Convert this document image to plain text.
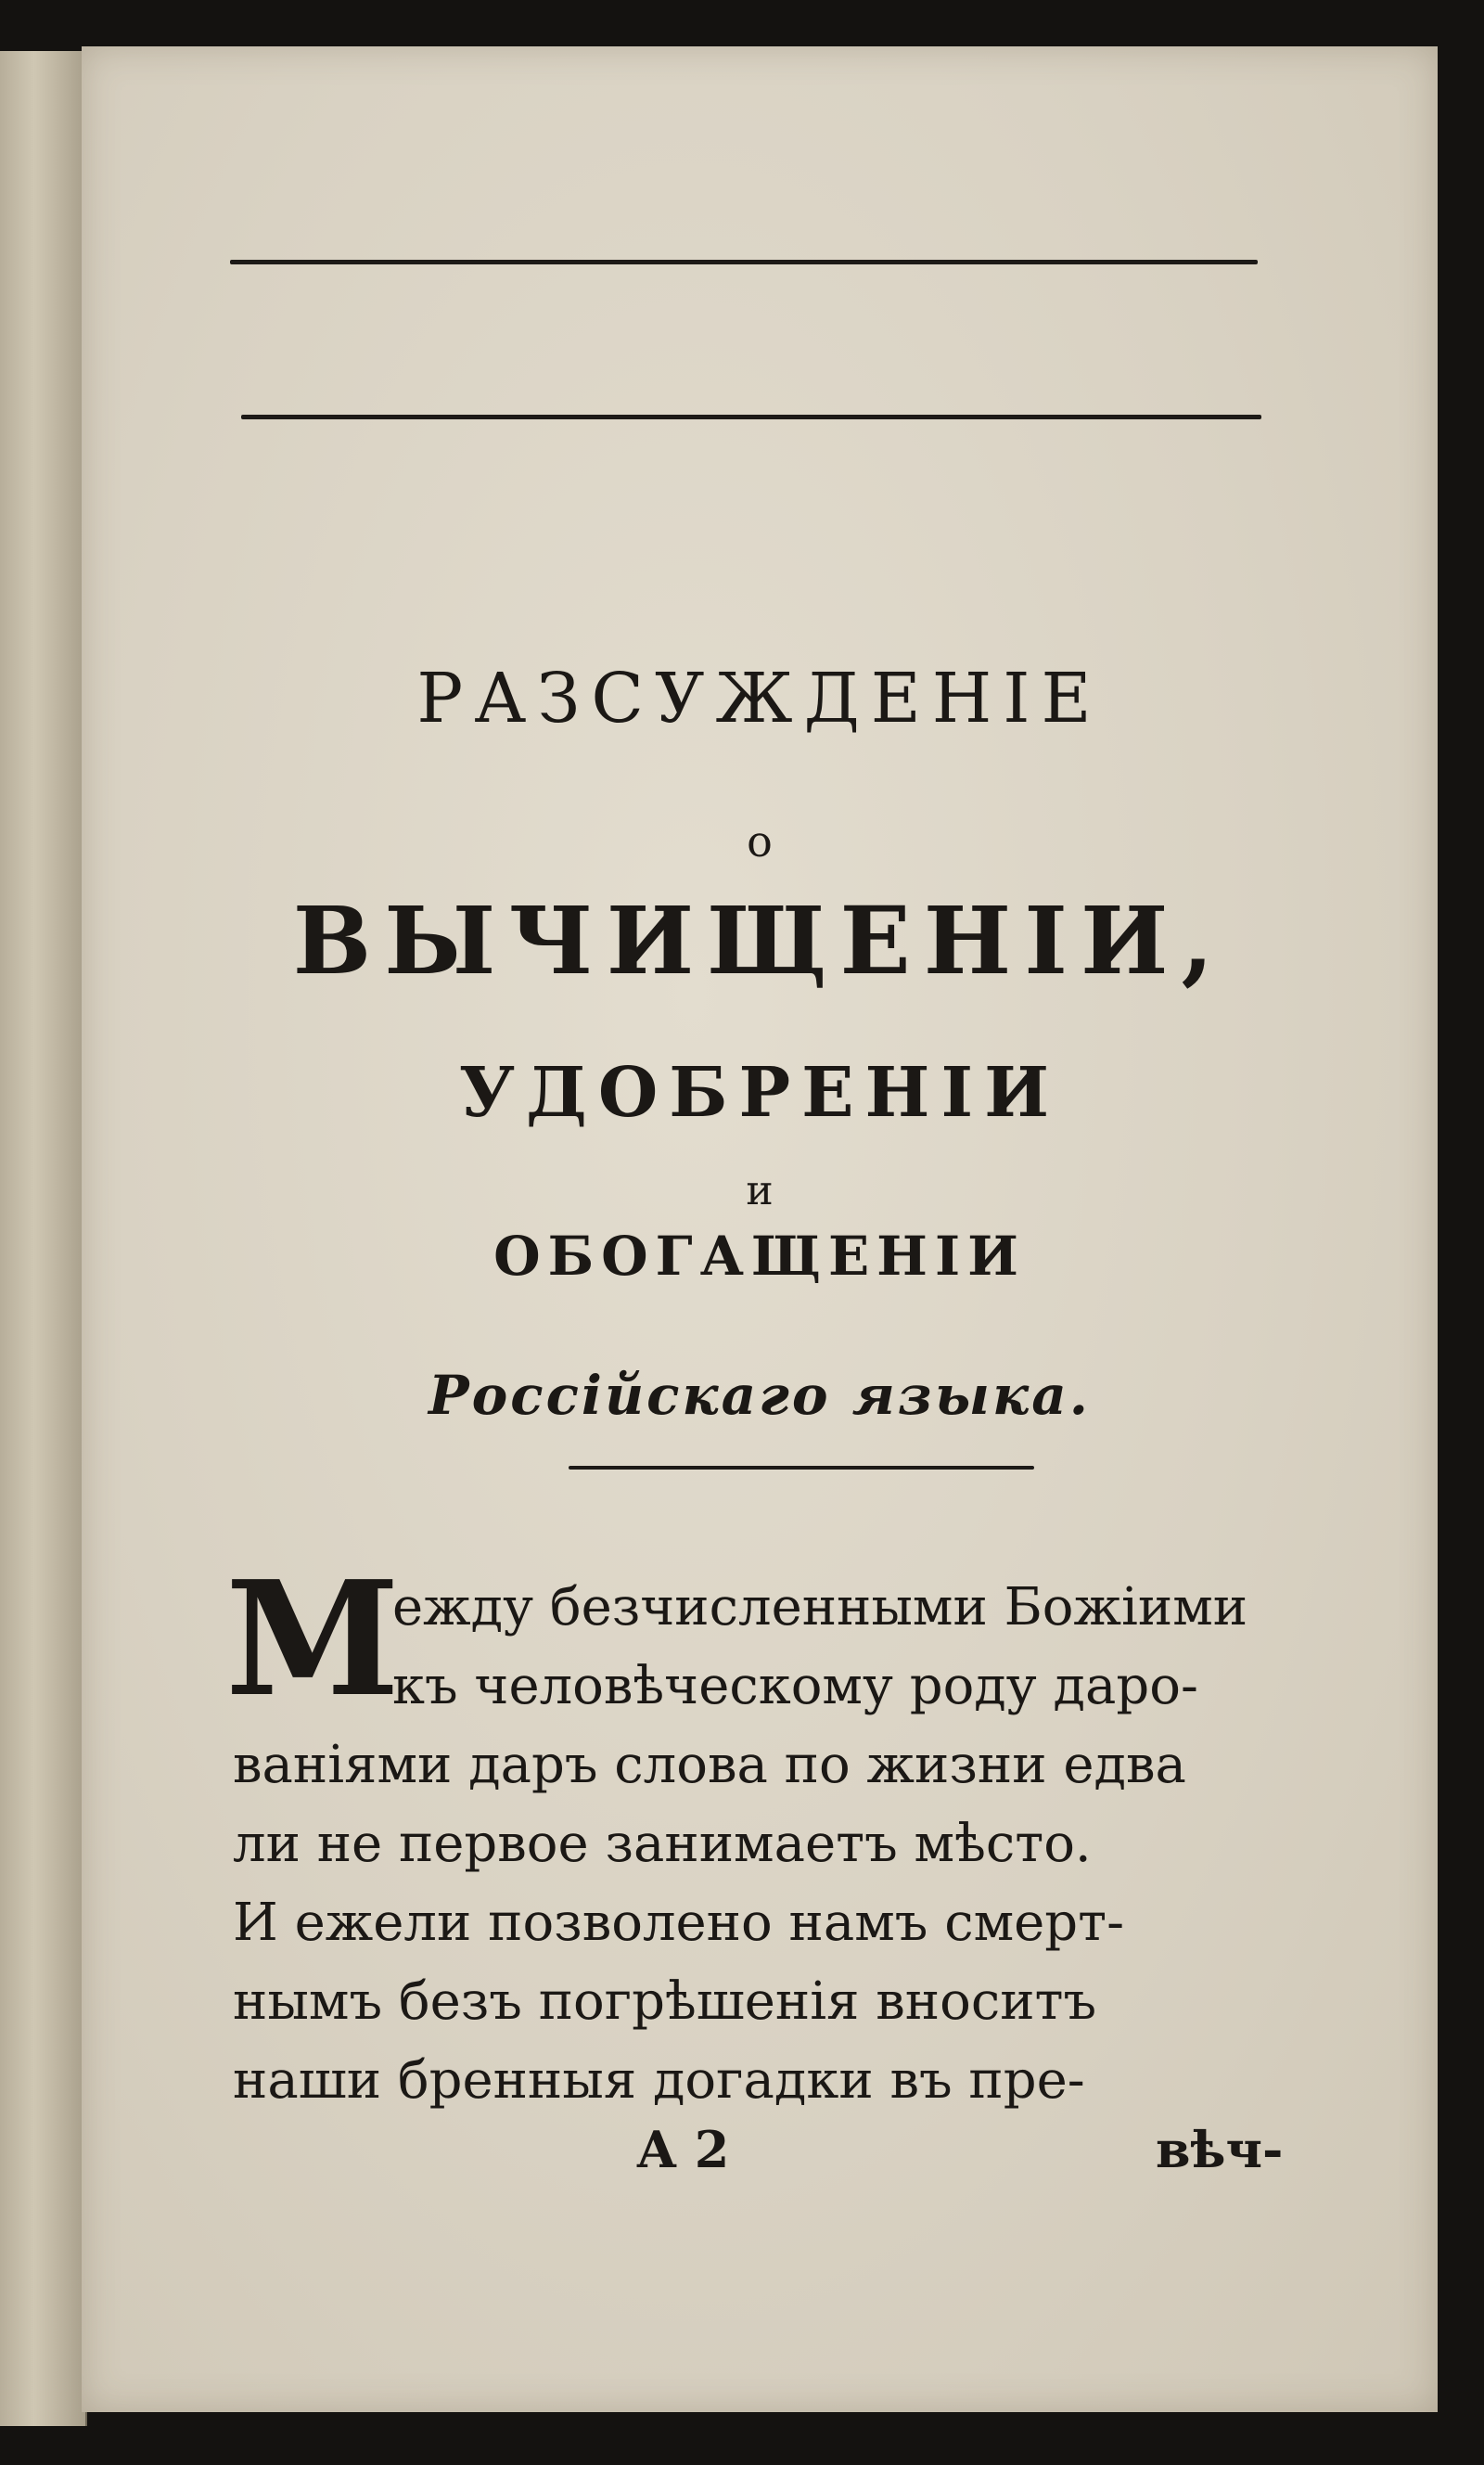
РАЗСУЖДЕНІЕ
о
ВЫЧИЩЕНІИ,
УДОБРЕНІИ
и
ОБОГАЩЕНІИ
Россійскаго языка.
М
ежду безчисленными Божіими
къ человѣческому роду даро-
ваніями даръ слова по жизни едва
ли не первое занимаетъ мѣсто.
И ежели позволено намъ смерт-
нымъ безъ погрѣшенія вноситъ
наши бренныя догадки въ пре-
А 2	вѣч-
